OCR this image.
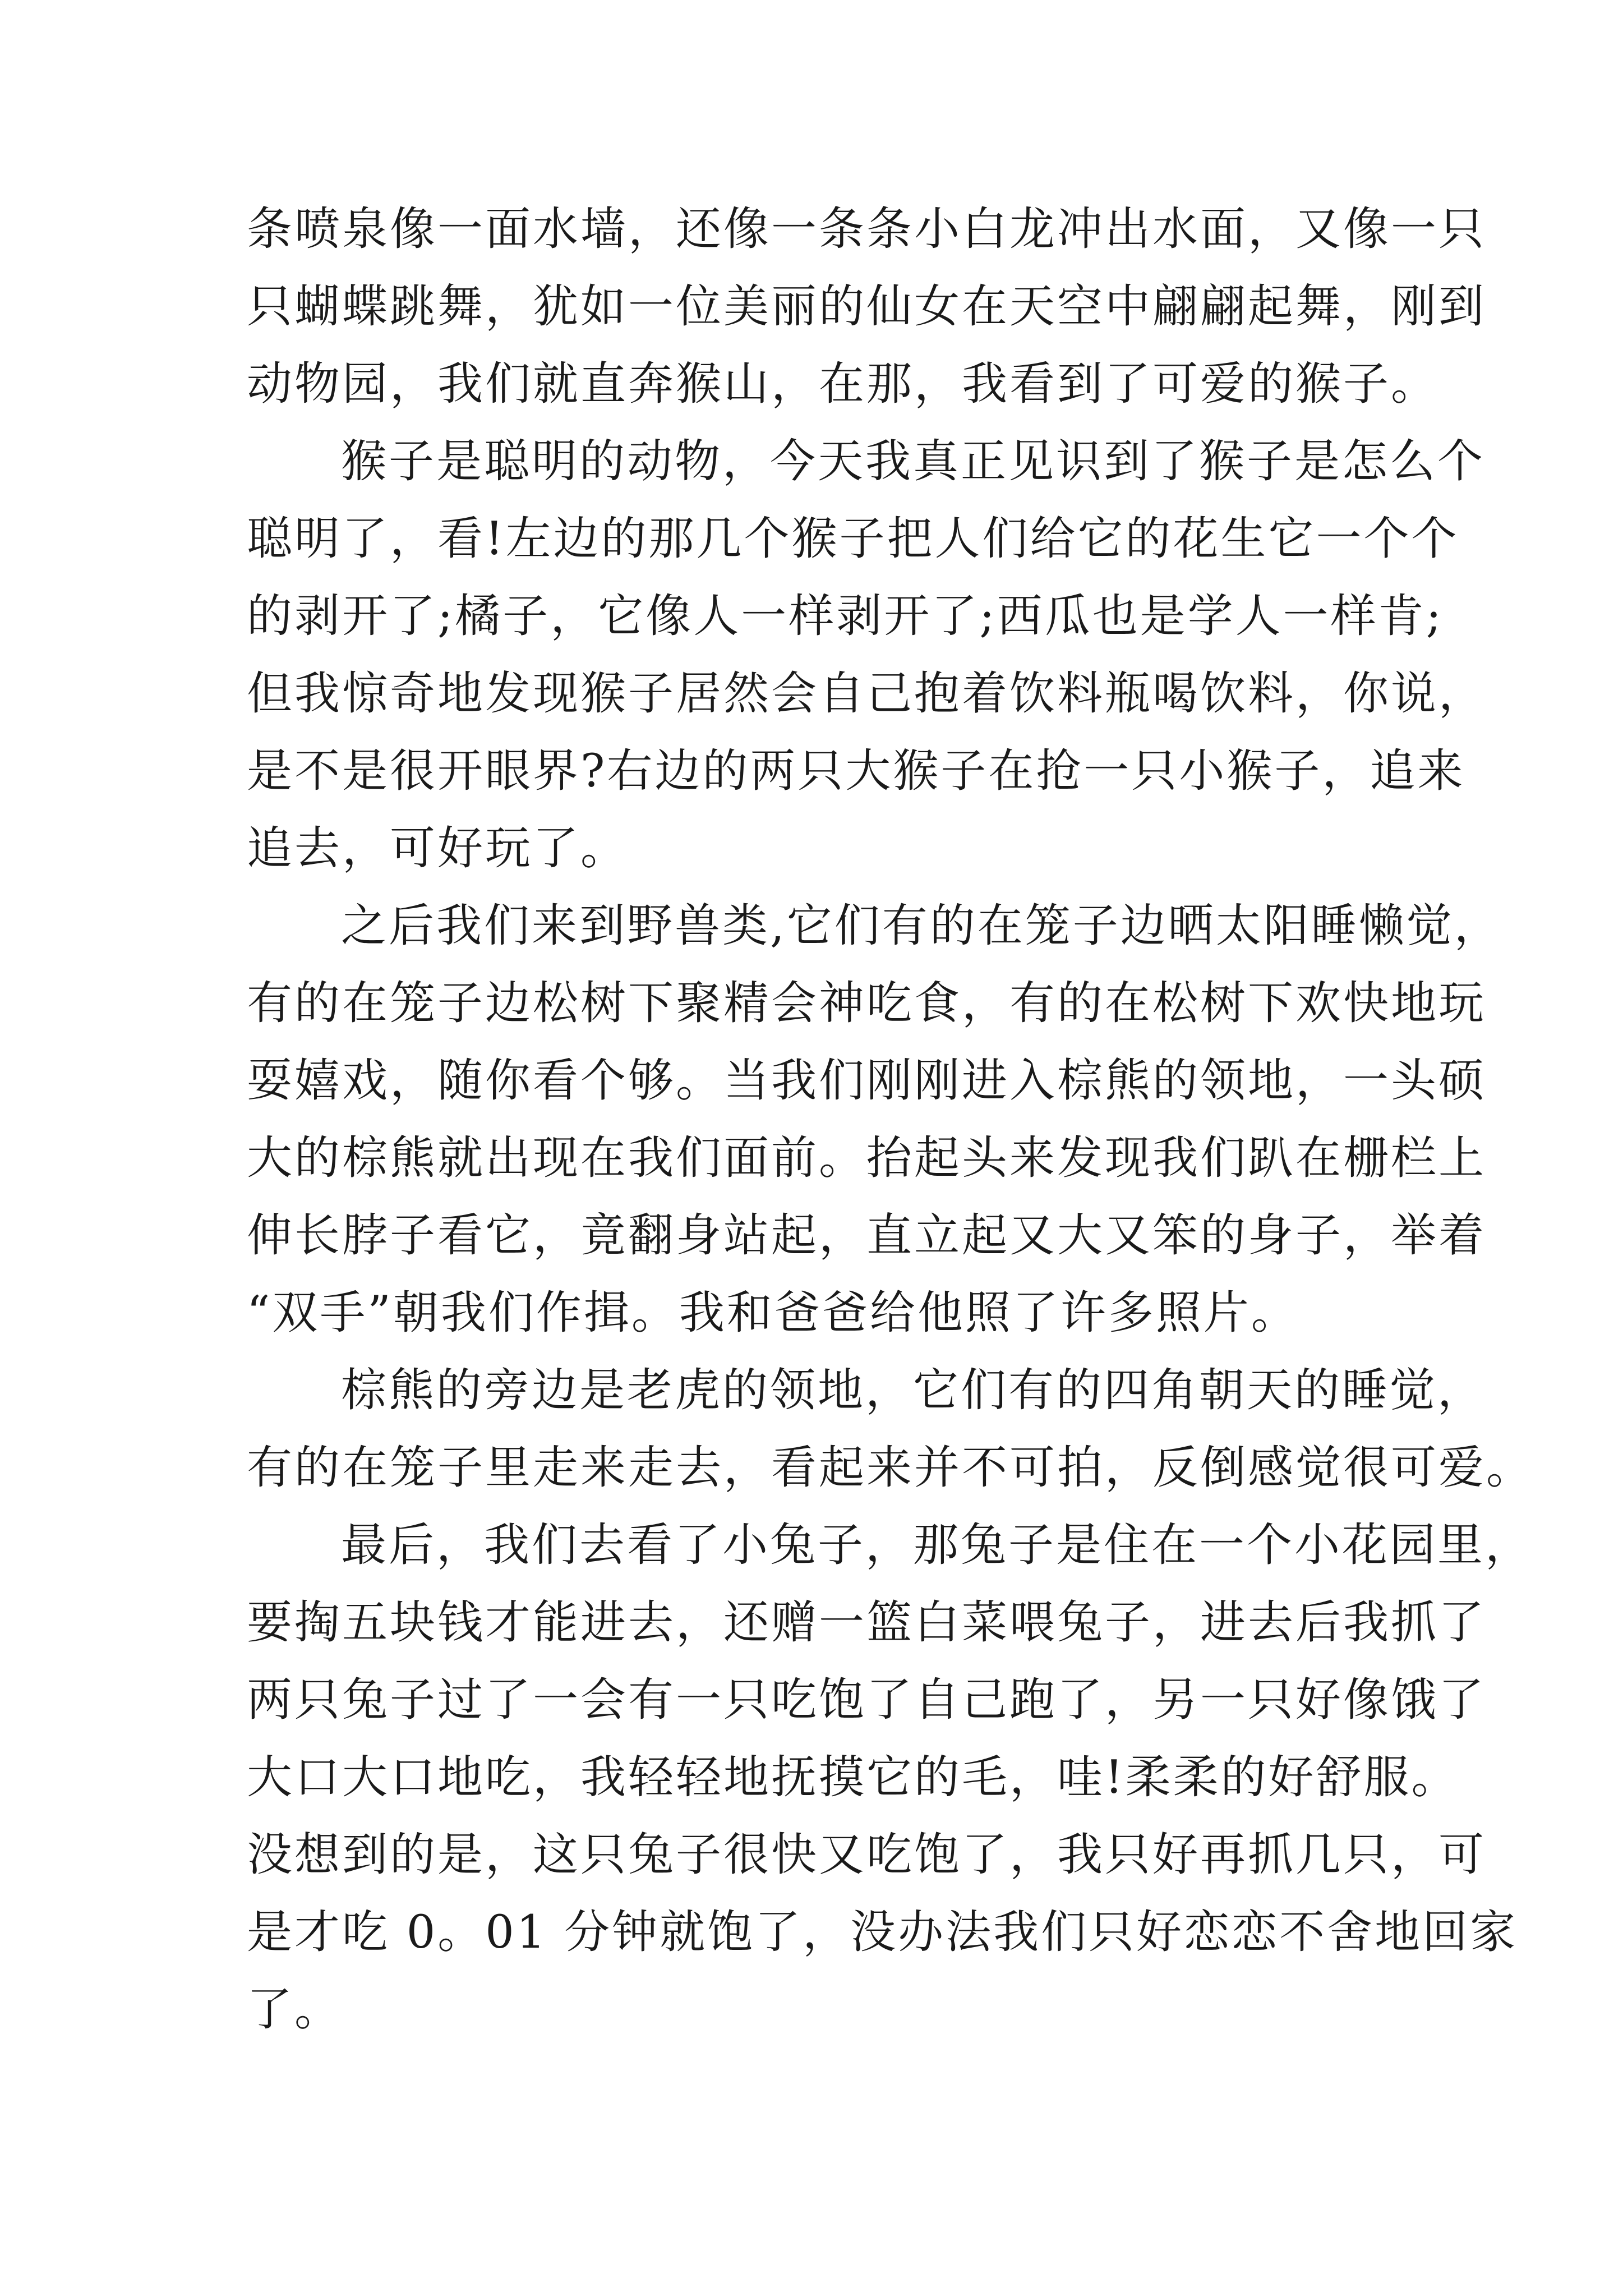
条喷泉像一面水墙，还像一条条小白龙冲出水面，又像一只
只蝴蝶跳舞，犹如一位美丽的仙女在天空中翩翩起舞，刚到
动物园，我们就直奔猴山，在那，我看到了可爱的猴子。
猴子是聪明的动物，今天我真正见识到了猴子是怎么个
聪明了，看!左边的那几个猴子把人们给它的花生它一个个
的剥开了;橘子，它像人一样剥开了;西瓜也是学人一样肯;
但我惊奇地发现猴子居然会自己抱着饮料瓶喝饮料，你说，
是不是很开眼界?右边的两只大猴子在抢一只小猴子，追来
追去，可好玩了。
之后我们来到野兽类,它们有的在笼子边晒太阳睡懒觉，
有的在笼子边松树下聚精会神吃食，有的在松树下欢快地玩
耍嬉戏，随你看个够。当我们刚刚进入棕熊的领地，一头硕
大的棕熊就出现在我们面前。抬起头来发现我们趴在栅栏上
伸长脖子看它，竟翻身站起，直立起又大又笨的身子，举着
“双手”朝我们作揖。我和爸爸给他照了许多照片。
棕熊的旁边是老虎的领地，它们有的四角朝天的睡觉，
有的在笼子里走来走去，看起来并不可拍，反倒感觉很可爱。
最后，我们去看了小兔子，那兔子是住在一个小花园里，
要掏五块钱才能进去，还赠一篮白菜喂兔子，进去后我抓了
两只兔子过了一会有一只吃饱了自己跑了，另一只好像饿了
大口大口地吃，我轻轻地抚摸它的毛，哇!柔柔的好舒服。
没想到的是，这只兔子很快又吃饱了，我只好再抓几只，可
是才吃 0。01 分钟就饱了，没办法我们只好恋恋不舍地回家
了。
